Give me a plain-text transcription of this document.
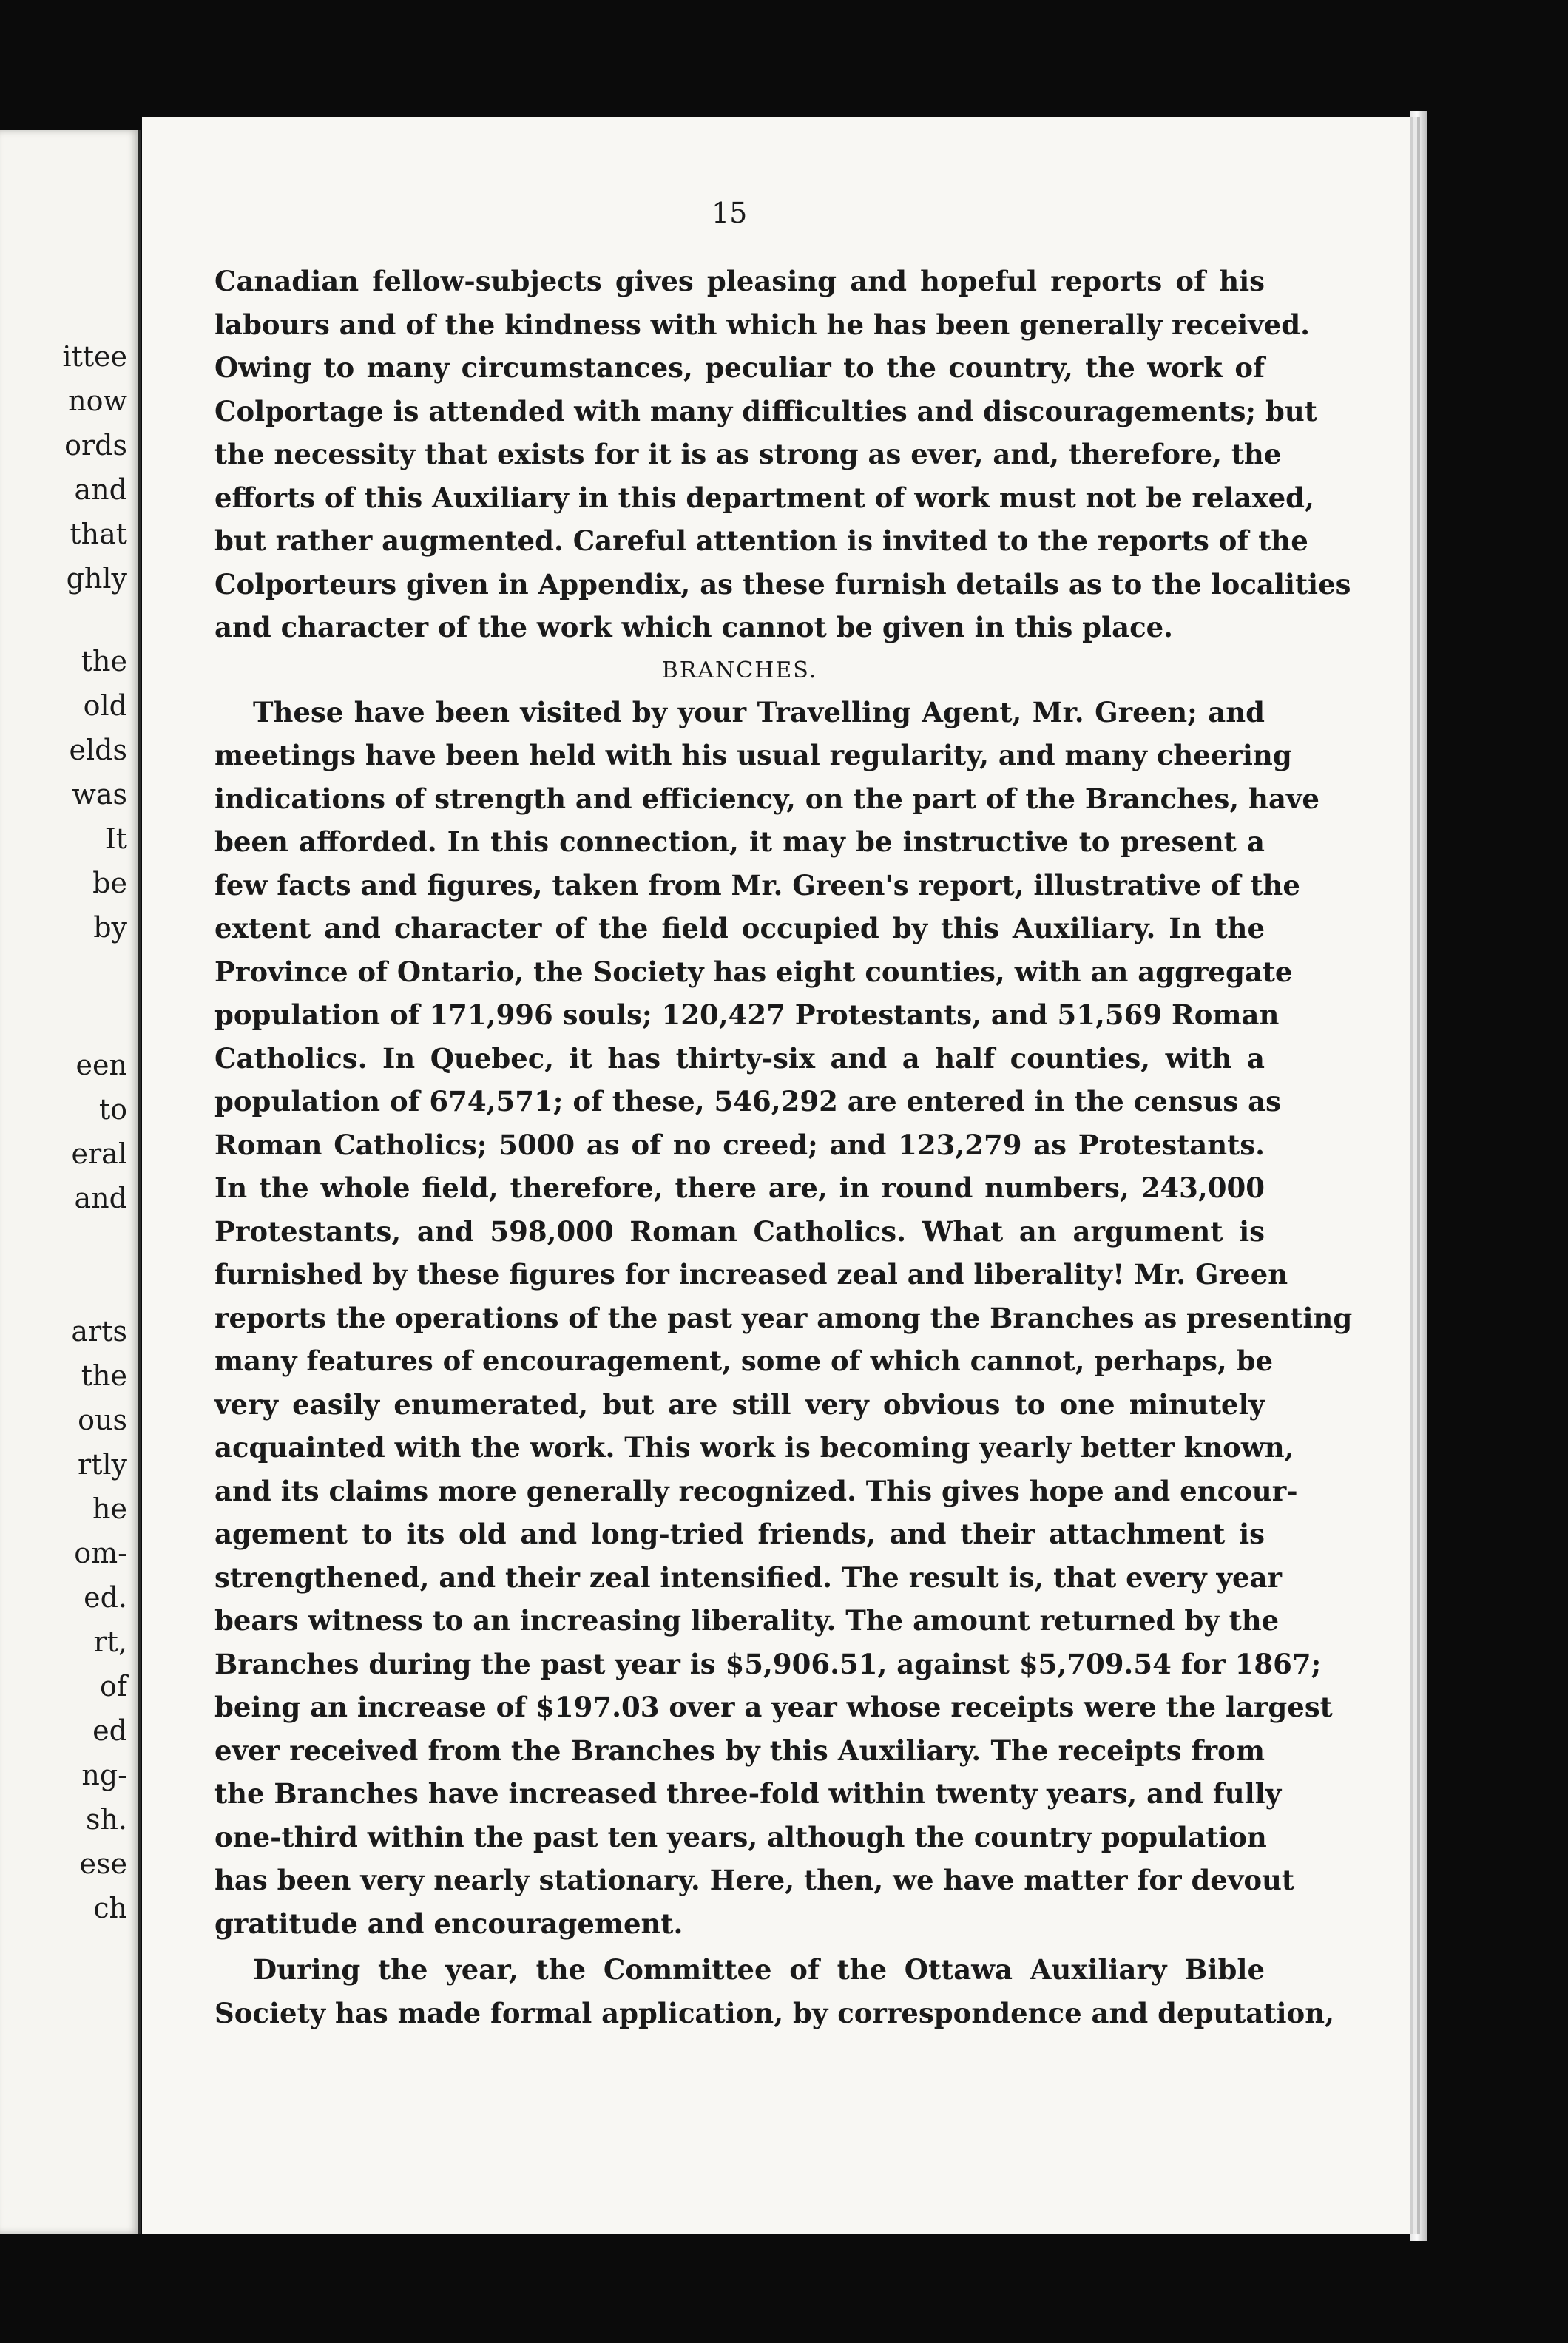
ittee
now
ords
and
that
ghly
the
old
elds
was
It
be
by
een
to
eral
and
arts
the
ous
rtly
he
om-
ed.
rt,
of
ed
ng-
sh.
ese
ch
15
BRANCHES.
Canadian fellow-subjects gives pleasing and hopeful reports of his
labours and of the kindness with which he has been generally received.
Owing to many circumstances, peculiar to the country, the work of
Colportage is attended with many difficulties and discouragements; but
the necessity that exists for it is as strong as ever, and, therefore, the
efforts of this Auxiliary in this department of work must not be relaxed,
but rather augmented. Careful attention is invited to the reports of the
Colporteurs given in Appendix, as these furnish details as to the localities
and character of the work which cannot be given in this place.
These have been visited by your Travelling Agent, Mr. Green; and
meetings have been held with his usual regularity, and many cheering
indications of strength and efficiency, on the part of the Branches, have
been afforded. In this connection, it may be instructive to present a
few facts and figures, taken from Mr. Green's report, illustrative of the
extent and character of the field occupied by this Auxiliary. In the
Province of Ontario, the Society has eight counties, with an aggregate
population of 171,996 souls; 120,427 Protestants, and 51,569 Roman
Catholics. In Quebec, it has thirty-six and a half counties, with a
population of 674,571; of these, 546,292 are entered in the census as
Roman Catholics; 5000 as of no creed; and 123,279 as Protestants.
In the whole field, therefore, there are, in round numbers, 243,000
Protestants, and 598,000 Roman Catholics. What an argument is
furnished by these figures for increased zeal and liberality! Mr. Green
reports the operations of the past year among the Branches as presenting
many features of encouragement, some of which cannot, perhaps, be
very easily enumerated, but are still very obvious to one minutely
acquainted with the work. This work is becoming yearly better known,
and its claims more generally recognized. This gives hope and encour-
agement to its old and long-tried friends, and their attachment is
strengthened, and their zeal intensified. The result is, that every year
bears witness to an increasing liberality. The amount returned by the
Branches during the past year is $5,906.51, against $5,709.54 for 1867;
being an increase of $197.03 over a year whose receipts were the largest
ever received from the Branches by this Auxiliary. The receipts from
the Branches have increased three-fold within twenty years, and fully
one-third within the past ten years, although the country population
has been very nearly stationary. Here, then, we have matter for devout
gratitude and encouragement.
During the year, the Committee of the Ottawa Auxiliary Bible
Society has made formal application, by correspondence and deputation,
